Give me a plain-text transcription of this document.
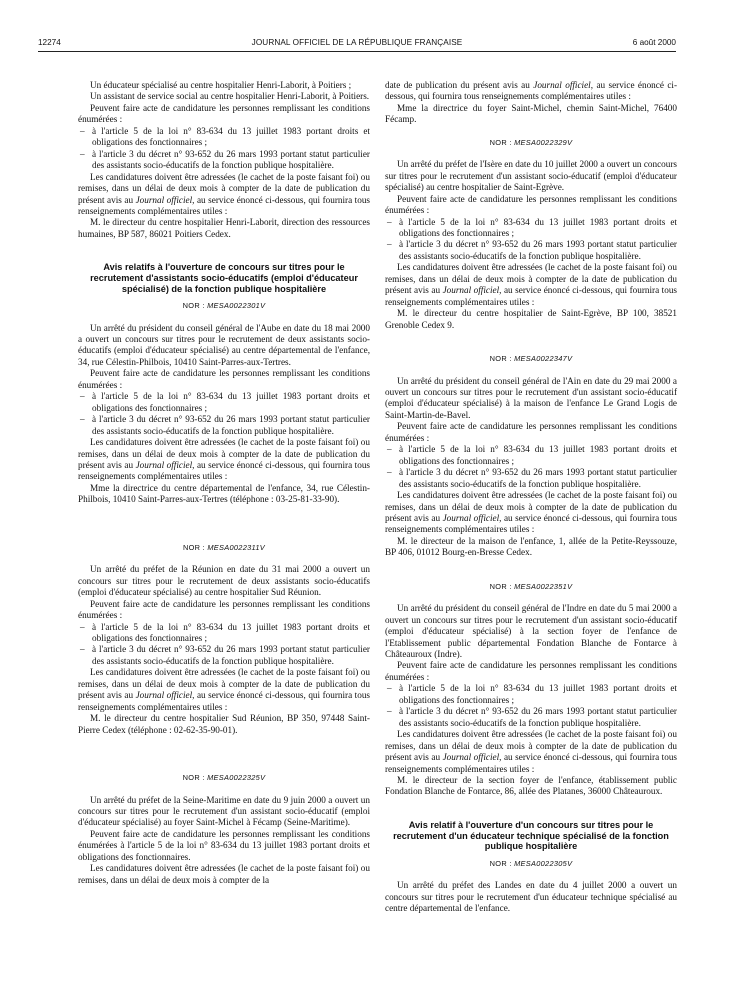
12274	JOURNAL OFFICIEL DE LA RÉPUBLIQUE FRANÇAISE	6 août 2000

Un éducateur spécialisé au centre hospitalier Henri-Laborit, à Poitiers ;

Un assistant de service social au centre hospitalier Henri-Laborit, à Poitiers.

Peuvent faire acte de candidature les personnes remplissant les conditions énumérées :

– à l'article 5 de la loi n° 83-634 du 13 juillet 1983 portant droits et obligations des fonctionnaires ;
– à l'article 3 du décret n° 93-652 du 26 mars 1993 portant statut particulier des assistants socio-éducatifs de la fonction publique hospitalière.

Les candidatures doivent être adressées (le cachet de la poste faisant foi) ou remises, dans un délai de deux mois à compter de la date de publication du présent avis au Journal officiel, au service énoncé ci-dessous, qui fournira tous renseignements complémentaires utiles :

M. le directeur du centre hospitalier Henri-Laborit, direction des ressources humaines, BP 587, 86021 Poitiers Cedex.

Avis relatifs à l'ouverture de concours sur titres pour le recrutement d'assistants socio-éducatifs (emploi d'éducateur spécialisé) de la fonction publique hospitalière

NOR : MESA0022301V

Un arrêté du président du conseil général de l'Aube en date du 18 mai 2000 a ouvert un concours sur titres pour le recrutement de deux assistants socio-éducatifs (emploi d'éducateur spécialisé) au centre départemental de l'enfance, 34, rue Célestin-Philbois, 10410 Saint-Parres-aux-Tertres.

Peuvent faire acte de candidature les personnes remplissant les conditions énumérées :

– à l'article 5 de la loi n° 83-634 du 13 juillet 1983 portant droits et obligations des fonctionnaires ;
– à l'article 3 du décret n° 93-652 du 26 mars 1993 portant statut particulier des assistants socio-éducatifs de la fonction publique hospitalière.

Les candidatures doivent être adressées (le cachet de la poste faisant foi) ou remises, dans un délai de deux mois à compter de la date de publication du présent avis au Journal officiel, au service énoncé ci-dessous, qui fournira tous renseignements complémentaires utiles :

Mme la directrice du centre départemental de l'enfance, 34, rue Célestin-Philbois, 10410 Saint-Parres-aux-Tertres (téléphone : 03-25-81-33-90).

NOR : MESA0022311V

Un arrêté du préfet de la Réunion en date du 31 mai 2000 a ouvert un concours sur titres pour le recrutement de deux assistants socio-éducatifs (emploi d'éducateur spécialisé) au centre hospitalier Sud Réunion.

Peuvent faire acte de candidature les personnes remplissant les conditions énumérées :

– à l'article 5 de la loi n° 83-634 du 13 juillet 1983 portant droits et obligations des fonctionnaires ;
– à l'article 3 du décret n° 93-652 du 26 mars 1993 portant statut particulier des assistants socio-éducatifs de la fonction publique hospitalière.

Les candidatures doivent être adressées (le cachet de la poste faisant foi) ou remises, dans un délai de deux mois à compter de la date de publication du présent avis au Journal officiel, au service énoncé ci-dessous, qui fournira tous renseignements complémentaires utiles :

M. le directeur du centre hospitalier Sud Réunion, BP 350, 97448 Saint-Pierre Cedex (téléphone : 02-62-35-90-01).

NOR : MESA0022325V

Un arrêté du préfet de la Seine-Maritime en date du 9 juin 2000 a ouvert un concours sur titres pour le recrutement d'un assistant socio-éducatif (emploi d'éducateur spécialisé) au foyer Saint-Michel à Fécamp (Seine-Maritime).

Peuvent faire acte de candidature les personnes remplissant les conditions énumérées à l'article 5 de la loi n° 83-634 du 13 juillet 1983 portant droits et obligations des fonctionnaires.

Les candidatures doivent être adressées (le cachet de la poste faisant foi) ou remises, dans un délai de deux mois à compter de la

date de publication du présent avis au Journal officiel, au service énoncé ci-dessous, qui fournira tous renseignements complémentaires utiles :

Mme la directrice du foyer Saint-Michel, chemin Saint-Michel, 76400 Fécamp.

NOR : MESA0022329V

Un arrêté du préfet de l'Isère en date du 10 juillet 2000 a ouvert un concours sur titres pour le recrutement d'un assistant socio-éducatif (emploi d'éducateur spécialisé) au centre hospitalier de Saint-Egrève.

Peuvent faire acte de candidature les personnes remplissant les conditions énumérées :

– à l'article 5 de la loi n° 83-634 du 13 juillet 1983 portant droits et obligations des fonctionnaires ;
– à l'article 3 du décret n° 93-652 du 26 mars 1993 portant statut particulier des assistants socio-éducatifs de la fonction publique hospitalière.

Les candidatures doivent être adressées (le cachet de la poste faisant foi) ou remises, dans un délai de deux mois à compter de la date de publication du présent avis au Journal officiel, au service énoncé ci-dessous, qui fournira tous renseignements complémentaires utiles :

M. le directeur du centre hospitalier de Saint-Egrève, BP 100, 38521 Grenoble Cedex 9.

NOR : MESA0022347V

Un arrêté du président du conseil général de l'Ain en date du 29 mai 2000 a ouvert un concours sur titres pour le recrutement d'un assistant socio-éducatif (emploi d'éducateur spécialisé) à la maison de l'enfance Le Grand Logis de Saint-Martin-de-Bavel.

Peuvent faire acte de candidature les personnes remplissant les conditions énumérées :

– à l'article 5 de la loi n° 83-634 du 13 juillet 1983 portant droits et obligations des fonctionnaires ;
– à l'article 3 du décret n° 93-652 du 26 mars 1993 portant statut particulier des assistants socio-éducatifs de la fonction publique hospitalière.

Les candidatures doivent être adressées (le cachet de la poste faisant foi) ou remises, dans un délai de deux mois à compter de la date de publication du présent avis au Journal officiel, au service énoncé ci-dessous, qui fournira tous renseignements complémentaires utiles :

M. le directeur de la maison de l'enfance, 1, allée de la Petite-Reyssouze, BP 406, 01012 Bourg-en-Bresse Cedex.

NOR : MESA0022351V

Un arrêté du président du conseil général de l'Indre en date du 5 mai 2000 a ouvert un concours sur titres pour le recrutement d'un assistant socio-éducatif (emploi d'éducateur spécialisé) à la section foyer de l'enfance de l'Etablissement public départemental Fondation Blanche de Fontarce à Châteauroux (Indre).

Peuvent faire acte de candidature les personnes remplissant les conditions énumérées :

– à l'article 5 de la loi n° 83-634 du 13 juillet 1983 portant droits et obligations des fonctionnaires ;
– à l'article 3 du décret n° 93-652 du 26 mars 1993 portant statut particulier des assistants socio-éducatifs de la fonction publique hospitalière.

Les candidatures doivent être adressées (le cachet de la poste faisant foi) ou remises, dans un délai de deux mois à compter de la date de publication du présent avis au Journal officiel, au service énoncé ci-dessous, qui fournira tous renseignements complémentaires utiles :

M. le directeur de la section foyer de l'enfance, établissement public Fondation Blanche de Fontarce, 86, allée des Platanes, 36000 Châteauroux.

Avis relatif à l'ouverture d'un concours sur titres pour le recrutement d'un éducateur technique spécialisé de la fonction publique hospitalière

NOR : MESA0022305V

Un arrêté du préfet des Landes en date du 4 juillet 2000 a ouvert un concours sur titres pour le recrutement d'un éducateur technique spécialisé au centre départemental de l'enfance.
